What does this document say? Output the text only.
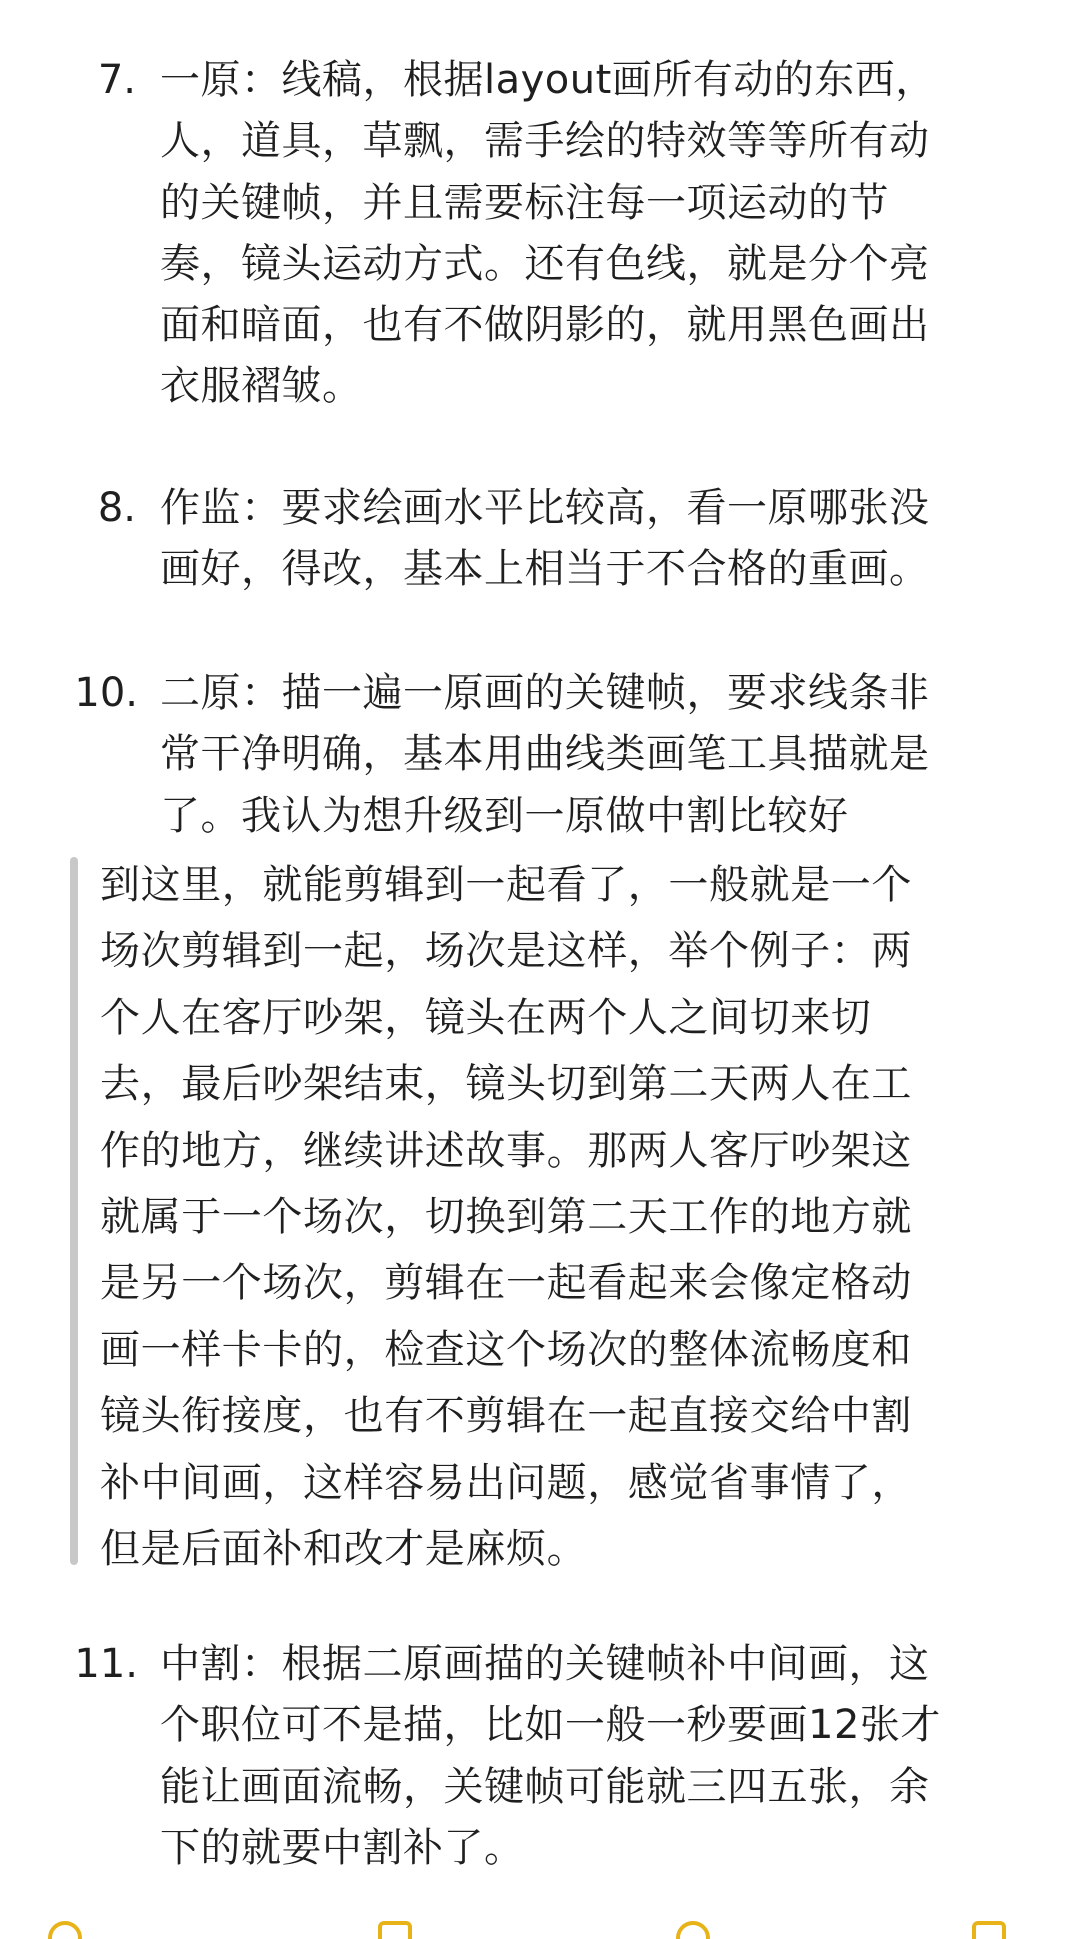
7. 一原：线稿，根据layout画所有动的东西，
人，道具，草飘，需手绘的特效等等所有动
的关键帧，并且需要标注每一项运动的节
奏，镜头运动方式。还有色线，就是分个亮
面和暗面，也有不做阴影的，就用黑色画出
衣服褶皱。

8. 作监：要求绘画水平比较高，看一原哪张没
画好，得改，基本上相当于不合格的重画。

10. 二原：描一遍一原画的关键帧，要求线条非
常干净明确，基本用曲线类画笔工具描就是
了。我认为想升级到一原做中割比较好

到这里，就能剪辑到一起看了，一般就是一个
场次剪辑到一起，场次是这样，举个例子：两
个人在客厅吵架，镜头在两个人之间切来切
去，最后吵架结束，镜头切到第二天两人在工
作的地方，继续讲述故事。那两人客厅吵架这
就属于一个场次，切换到第二天工作的地方就
是另一个场次，剪辑在一起看起来会像定格动
画一样卡卡的，检查这个场次的整体流畅度和
镜头衔接度，也有不剪辑在一起直接交给中割
补中间画，这样容易出问题，感觉省事情了，
但是后面补和改才是麻烦。

11. 中割：根据二原画描的关键帧补中间画，这
个职位可不是描，比如一般一秒要画12张才
能让画面流畅，关键帧可能就三四五张，余
下的就要中割补了。
